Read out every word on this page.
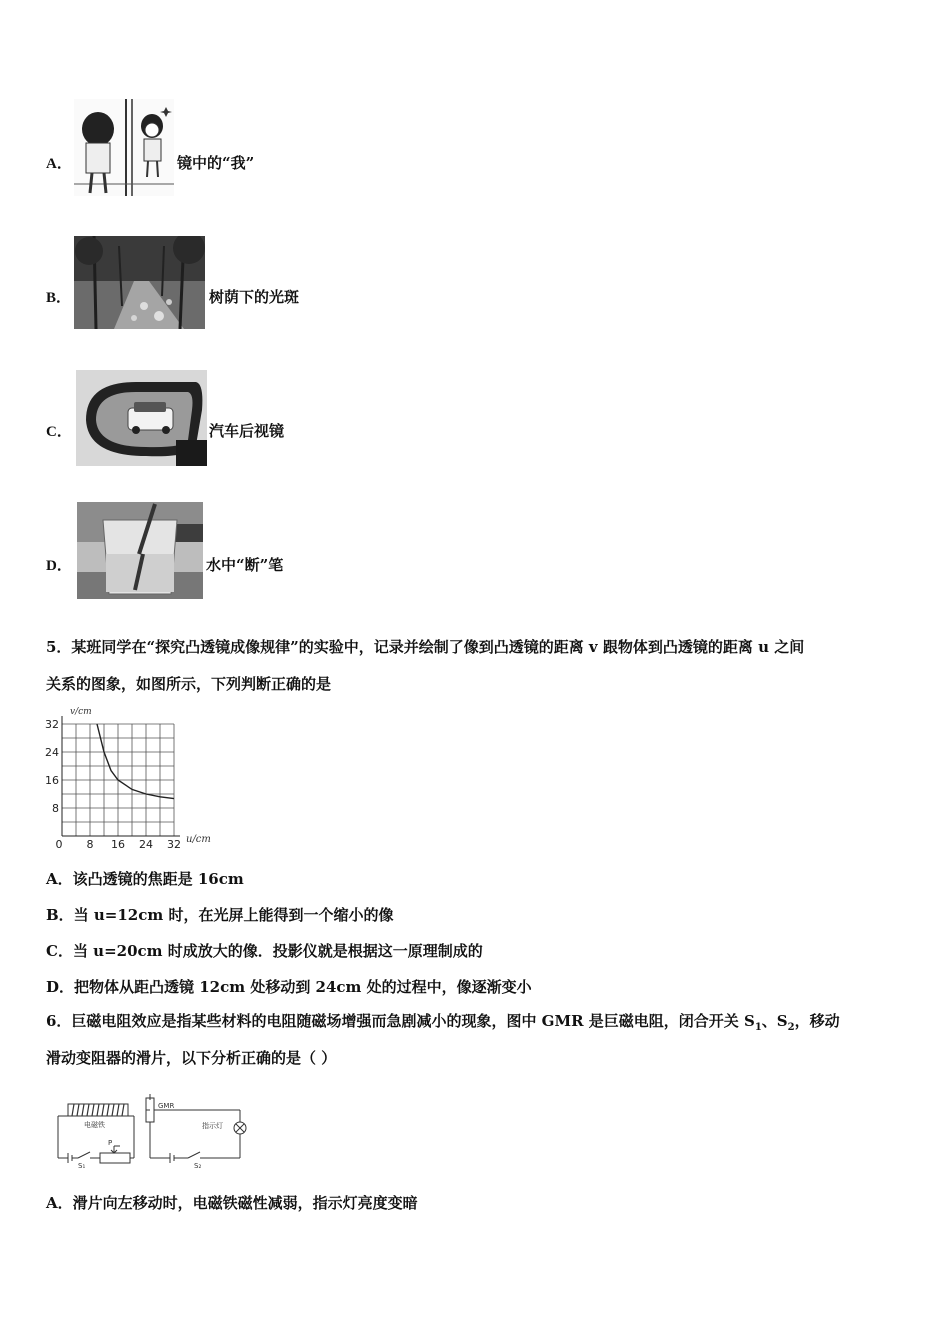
A．	镜中的“我”
B．	树荫下的光斑
C．	汽车后视镜
D．	水中“断”笔
5．某班同学在“探究凸透镜成像规律”的实验中，记录并绘制了像到凸透镜的距离 v 跟物体到凸透镜的距离 u 之间
关系的图象，如图所示，下列判断正确的是
v/cm
u/cm
32
24
16
8
0 8 16 24 32
A．该凸透镜的焦距是 16cm
B．当 u=12cm 时，在光屏上能得到一个缩小的像
C．当 u=20cm 时成放大的像．投影仪就是根据这一原理制成的
D．把物体从距凸透镜 12cm 处移动到 24cm 处的过程中，像逐渐变小
6．巨磁电阻效应是指某些材料的电阻随磁场增强而急剧减小的现象，图中 GMR 是巨磁电阻，闭合开关 $S_1$、$S_2$，移动
滑动变阻器的滑片，以下分析正确的是（ ）
电磁铁
GMR
指示灯
P
S₁	S₂
A．滑片向左移动时，电磁铁磁性减弱，指示灯亮度变暗
